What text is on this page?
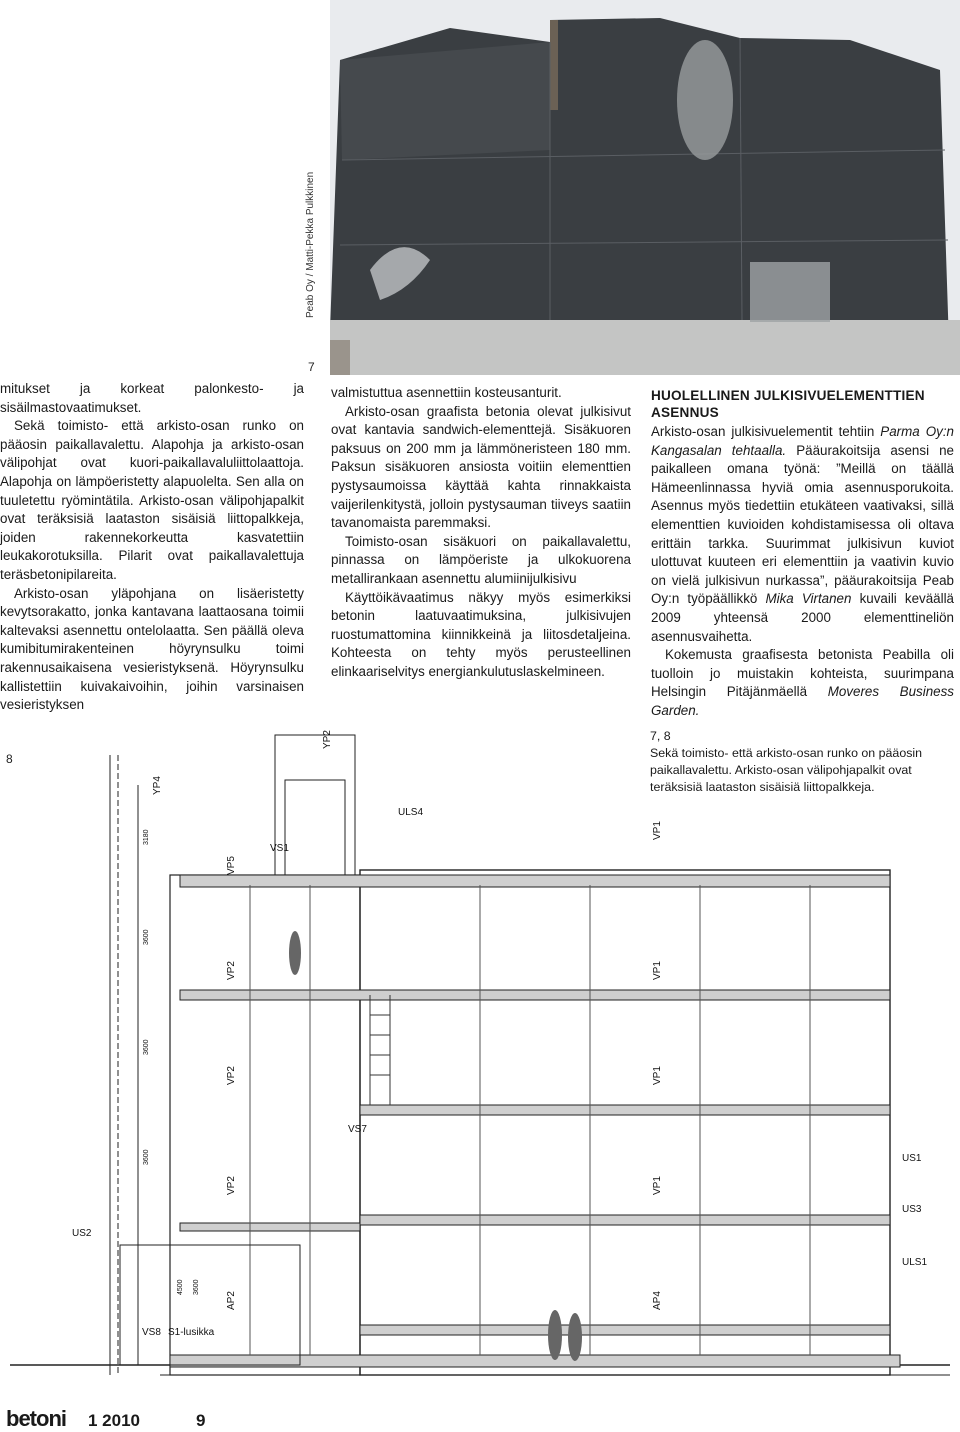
Peab Oy / Matti-Pekka Pulkkinen
7

mitukset ja korkeat palonkesto- ja sisäilmastovaatimukset.

Sekä toimisto- että arkisto-osan runko on pääosin paikallavalettu. Alapohja ja arkisto-osan välipohjat ovat kuori-paikallavaluliittolaattoja. Alapohja on lämpöeristetty alapuolelta. Sen alla on tuuletettu ryömintätila. Arkisto-osan välipohjapalkit ovat teräksisiä laataston sisäisiä liittopalkkeja, joiden rakennekorkeutta kasvatettiin leukakorotuksilla. Pilarit ovat paikallavalettuja teräsbetonipilareita.

Arkisto-osan yläpohjana on lisäeristetty kevytsorakatto, jonka kantavana laattaosana toimii kaltevaksi asennettu ontelolaatta. Sen päällä oleva kumibitumirakenteinen höyrynsulku toimi rakennusaikaisena vesieristyksenä. Höyrynsulku kallistettiin kuivakaivoihin, joihin varsinaisen vesieristyksen

valmistuttua asennettiin kosteusanturit.

Arkisto-osan graafista betonia olevat julkisivut ovat kantavia sandwich-elementtejä. Sisäkuoren paksuus on 200 mm ja lämmöneristeen 180 mm. Paksun sisäkuoren ansiosta voitiin elementtien pystysaumoissa käyttää kahta rinnakkaista vaijerilenkitystä, jolloin pystysauman tiiveys saatiin tavanomaista paremmaksi.

Toimisto-osan sisäkuori on paikallavalettu, pinnassa on lämpöeriste ja ulkokuorena metallirankaan asennettu alumiinijulkisivu

Käyttöikävaatimus näkyy myös esimerkiksi betonin laatuvaatimuksina, julkisivujen ruostumattomina kiinnikkeinä ja liitosdetaljeina. Kohteesta on tehty myös perusteellinen elinkaariselvitys energiankulutuslaskelmineen.

HUOLELLINEN JULKISIVUELEMENTTIEN ASENNUS

Arkisto-osan julkisivuelementit tehtiin Parma Oy:n Kangasalan tehtaalla. Pääurakoitsija asensi ne paikalleen omana työnä: ”Meillä on täällä Hämeenlinnassa hyviä omia asennusporukoita. Asennus myös tiedettiin etukäteen vaativaksi, sillä elementtien kuvioiden kohdistamisessa oli oltava erittäin tarkka. Suurimmat julkisivun kuviot ulottuvat kuuteen eri elementtiin ja vaativin kuvio on vielä julkisivun nurkassa”, pääurakoitsija Peab Oy:n työpäällikkö Mika Virtanen kuvaili keväällä 2009 yhteensä 2000 elementtineliön asennusvaihetta.

Kokemusta graafisesta betonista Peabilla oli tuolloin jo muistakin kohteista, suurimpana Helsingin Pitäjänmäellä Moveres Business Garden.

7, 8
Sekä toimisto- että arkisto-osan runko on pääosin paikallavalettu. Arkisto-osan välipohjapalkit ovat teräksisiä laataston sisäisiä liittopalkkeja.
8
YP2
YP4
ULS4
VS1
VP5
VP1
VP1
VP1
VP1
VP2
VP2
VP2
VS7
US1
US3
ULS1
US2
AP2	AP4
VS8 S1-lusikka
3180
3600
3600
3600
4500 3600
betoni 1 2010	9
